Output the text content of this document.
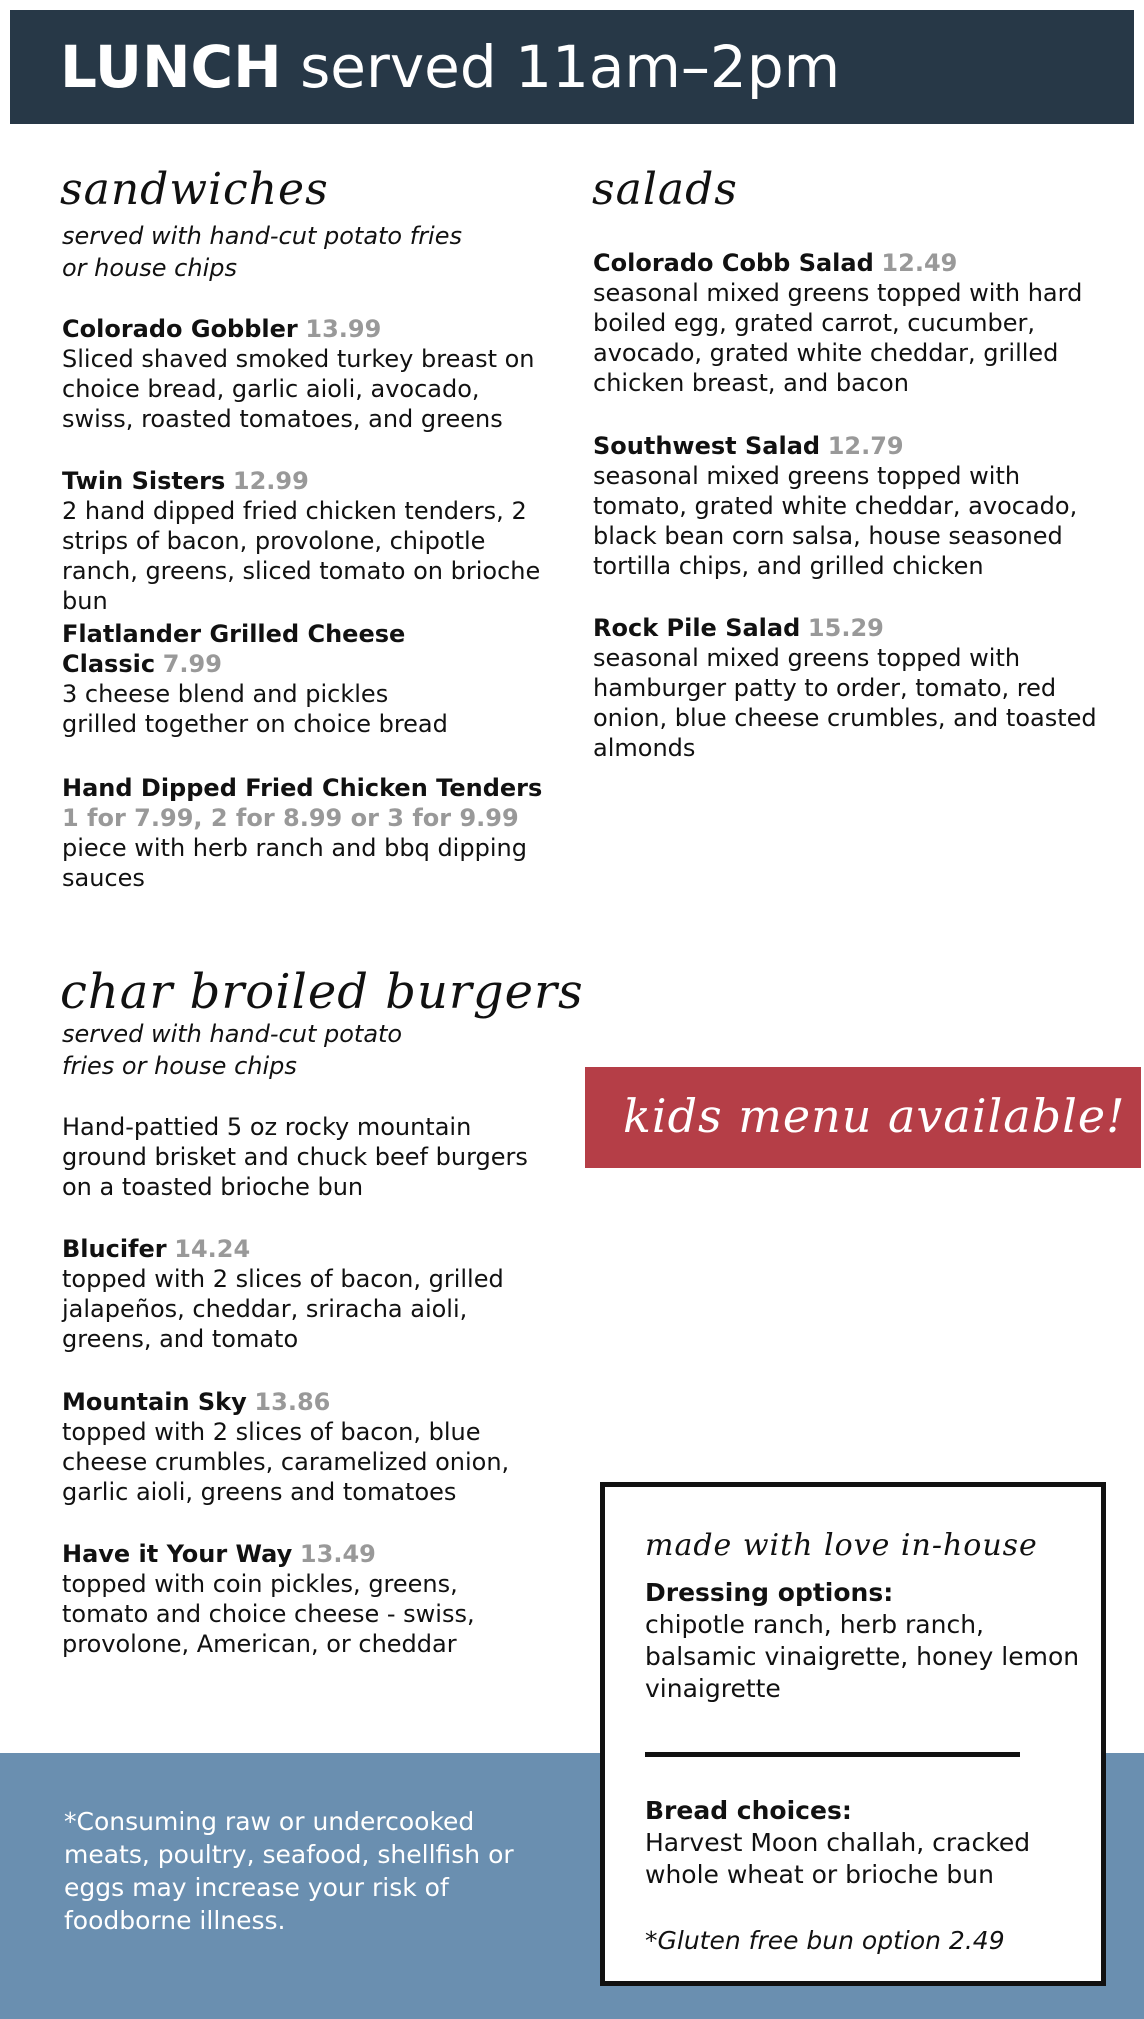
LUNCH served 11am–2pm
sandwiches
served with hand-cut potato fries or house chips
Colorado Gobbler 13.99
Sliced shaved smoked turkey breast on choice bread, garlic aioli, avocado, swiss, roasted tomatoes, and greens
Twin Sisters 12.99
2 hand dipped fried chicken tenders, 2 strips of bacon, provolone, chipotle ranch, greens, sliced tomato on brioche bun
Flatlander Grilled Cheese Classic 7.99
3 cheese blend and pickles grilled together on choice bread
Hand Dipped Fried Chicken Tenders
1 for 7.99, 2 for 8.99 or 3 for 9.99
piece with herb ranch and bbq dipping sauces
salads
Colorado Cobb Salad 12.49
seasonal mixed greens topped with hard boiled egg, grated carrot, cucumber, avocado, grated white cheddar, grilled chicken breast, and bacon
Southwest Salad 12.79
seasonal mixed greens topped with tomato, grated white cheddar, avocado, black bean corn salsa, house seasoned tortilla chips, and grilled chicken
Rock Pile Salad 15.29
seasonal mixed greens topped with hamburger patty to order, tomato, red onion, blue cheese crumbles, and toasted almonds
char broiled burgers
served with hand-cut potato fries or house chips
Hand-pattied 5 oz rocky mountain ground brisket and chuck beef burgers on a toasted brioche bun
Blucifer 14.24
topped with 2 slices of bacon, grilled jalapeños, cheddar, sriracha aioli, greens, and tomato
Mountain Sky 13.86
topped with 2 slices of bacon, blue cheese crumbles, caramelized onion, garlic aioli, greens and tomatoes
Have it Your Way 13.49
topped with coin pickles, greens, tomato and choice cheese - swiss, provolone, American, or cheddar
kids menu available!
*Consuming raw or undercooked meats, poultry, seafood, shellfish or eggs may increase your risk of foodborne illness.
made with love in-house
Dressing options:
chipotle ranch, herb ranch, balsamic vinaigrette, honey lemon vinaigrette
Bread choices:
Harvest Moon challah, cracked whole wheat or brioche bun
*Gluten free bun option 2.49
